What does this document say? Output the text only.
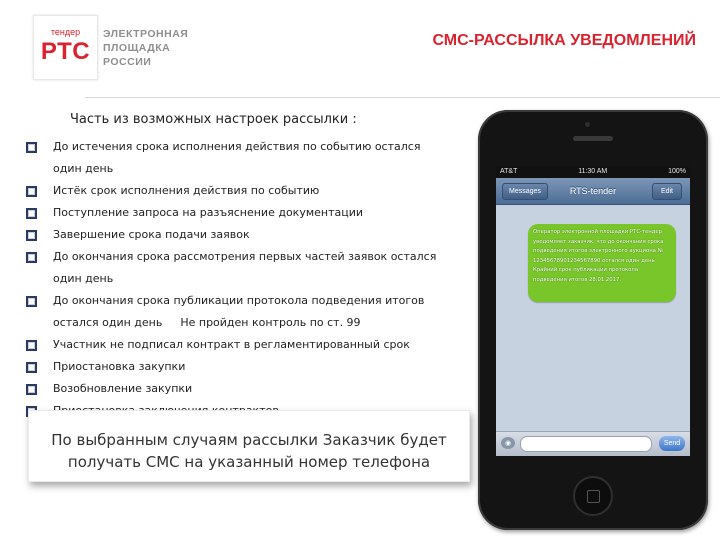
тендер
РТС
ЭЛЕКТРОННАЯ
ПЛОЩАДКА
РОССИИ
СМС-РАССЫЛКА УВЕДОМЛЕНИЙ
Часть из возможных настроек рассылки :
До истечения срока исполнения действия по событию остался
один день
Истёк срок исполнения действия по событию
Поступление запроса на разъяснение документации
Завершение срока подачи заявок
До окончания срока рассмотрения первых частей заявок остался
один день
До окончания срока публикации протокола подведения итогов
остался один день Не пройден контроль по ст. 99
Участник не подписал контракт в регламентированный срок
Приостановка закупки
Возобновление закупки
По выбранным случаям рассылки Заказчик будет получать СМС на указанный номер телефона
AT&T	11:30 AM	100%
Messages	RTS-tender	Edit
Оператор электронной площадки РТС-тендер уведомляет заказчик, что до окончания срока подведения итогов электронного аукциона № 12345678901234567890 остался один день Крайний срок публикации протокола подведения итогов 28.01.2017.
◉	Send
